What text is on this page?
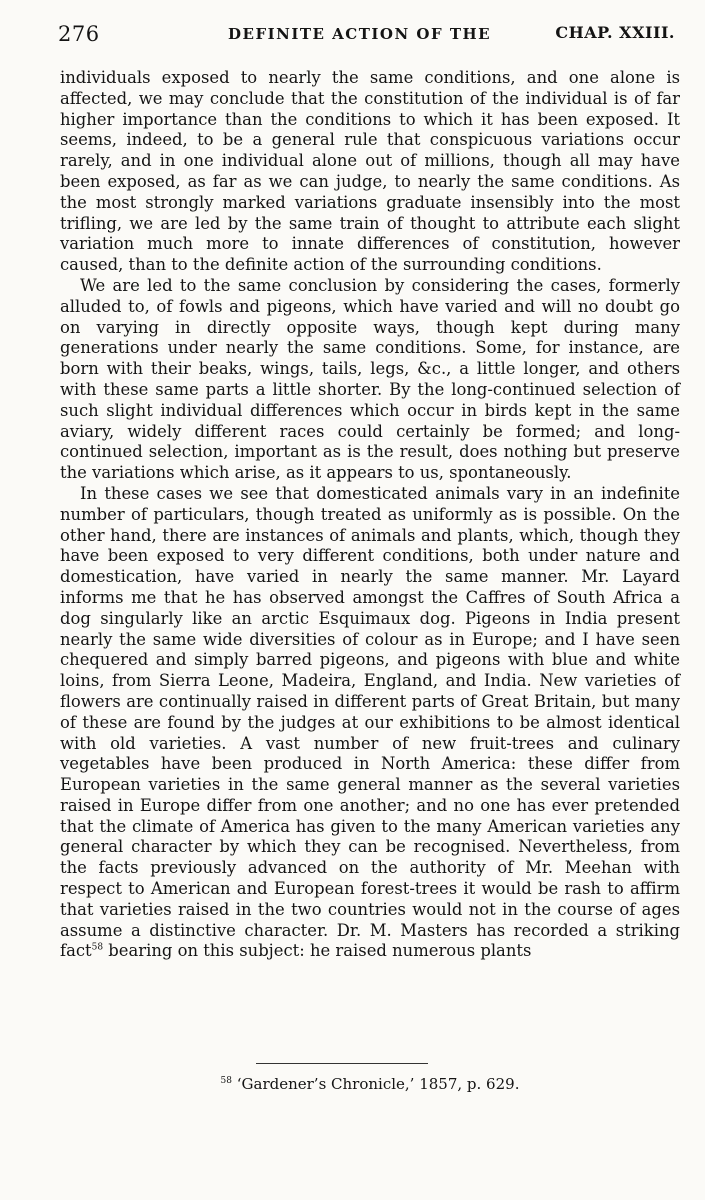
276	DEFINITE ACTION OF THE	CHAP. XXIII.

individuals exposed to nearly the same conditions, and one alone is affected, we may conclude that the constitution of the individual is of far higher importance than the conditions to which it has been exposed. It seems, indeed, to be a general rule that conspicuous variations occur rarely, and in one individual alone out of millions, though all may have been exposed, as far as we can judge, to nearly the same conditions. As the most strongly marked variations graduate insensibly into the most trifling, we are led by the same train of thought to attribute each slight variation much more to innate differences of constitution, however caused, than to the definite action of the surrounding conditions.

We are led to the same conclusion by considering the cases, formerly alluded to, of fowls and pigeons, which have varied and will no doubt go on varying in directly opposite ways, though kept during many generations under nearly the same conditions. Some, for instance, are born with their beaks, wings, tails, legs, &c., a little longer, and others with these same parts a little shorter. By the long-continued selection of such slight individual differences which occur in birds kept in the same aviary, widely different races could certainly be formed; and long-continued selection, important as is the result, does nothing but preserve the variations which arise, as it appears to us, spontaneously.

In these cases we see that domesticated animals vary in an indefinite number of particulars, though treated as uniformly as is possible. On the other hand, there are instances of animals and plants, which, though they have been exposed to very different conditions, both under nature and domestication, have varied in nearly the same manner. Mr. Layard informs me that he has observed amongst the Caffres of South Africa a dog singularly like an arctic Esquimaux dog. Pigeons in India present nearly the same wide diversities of colour as in Europe; and I have seen chequered and simply barred pigeons, and pigeons with blue and white loins, from Sierra Leone, Madeira, England, and India. New varieties of flowers are continually raised in different parts of Great Britain, but many of these are found by the judges at our exhibitions to be almost identical with old varieties. A vast number of new fruit-trees and culinary vegetables have been produced in North America: these differ from European varieties in the same general manner as the several varieties raised in Europe differ from one another; and no one has ever pretended that the climate of America has given to the many American varieties any general character by which they can be recognised. Nevertheless, from the facts previously advanced on the authority of Mr. Meehan with respect to American and European forest-trees it would be rash to affirm that varieties raised in the two countries would not in the course of ages assume a distinctive character. Dr. M. Masters has recorded a striking fact$^{58}$ bearing on this subject: he raised numerous plants

$^{58}$ ‘Gardener’s Chronicle,’ 1857, p. 629.
